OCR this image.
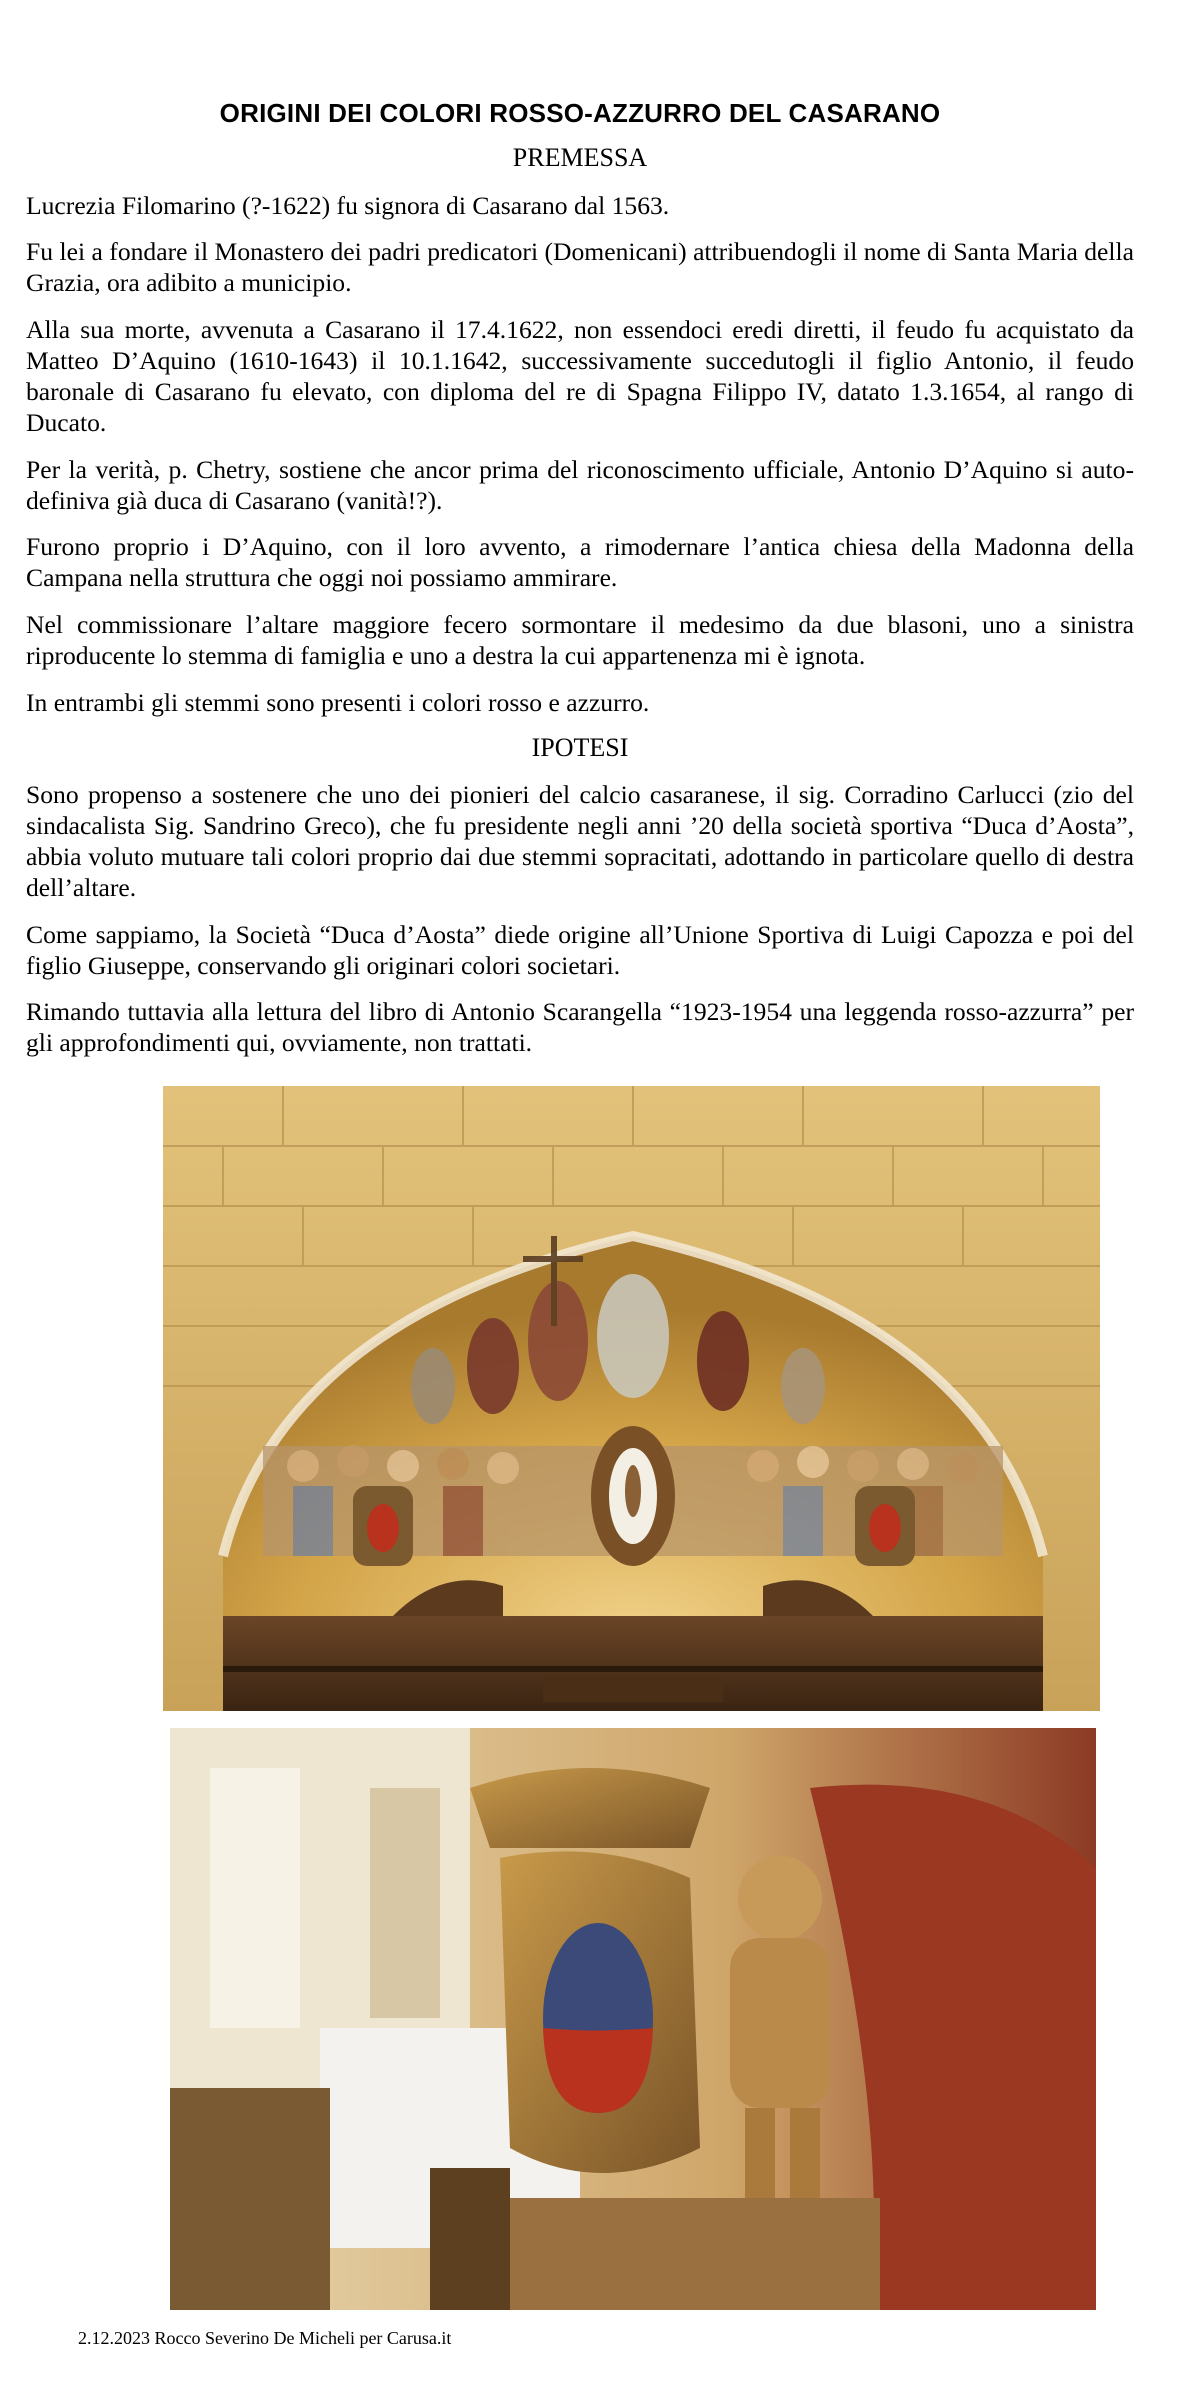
ORIGINI DEI COLORI ROSSO-AZZURRO DEL CASARANO
PREMESSA

Lucrezia Filomarino (?-1622) fu signora di Casarano dal 1563.

Fu lei a fondare il Monastero dei padri predicatori (Domenicani) attribuendogli il nome di Santa Maria della Grazia, ora adibito a municipio.

Alla sua morte, avvenuta a Casarano il 17.4.1622, non essendoci eredi diretti, il feudo fu acquistato da Matteo D’Aquino (1610-1643) il 10.1.1642, successivamente succedutogli il figlio Antonio, il feudo baronale di Casarano fu elevato, con diploma del re di Spagna Filippo IV, datato 1.3.1654, al rango di Ducato.

Per la verità, p. Chetry, sostiene che ancor prima del riconoscimento ufficiale, Antonio D’Aquino si auto-definiva già duca di Casarano (vanità!?).

Furono proprio i D’Aquino, con il loro avvento, a rimodernare l’antica chiesa della Madonna della Campana nella struttura che oggi noi possiamo ammirare.

Nel commissionare l’altare maggiore fecero sormontare il medesimo da due blasoni, uno a sinistra riproducente lo stemma di famiglia e uno a destra la cui appartenenza mi è ignota.

In entrambi gli stemmi sono presenti i colori rosso e azzurro.

IPOTESI

Sono propenso a sostenere che uno dei pionieri del calcio casaranese, il sig. Corradino Carlucci (zio del sindacalista Sig. Sandrino Greco), che fu presidente negli anni ’20 della società sportiva “Duca d’Aosta”, abbia voluto mutuare tali colori proprio dai due stemmi sopracitati, adottando in particolare quello di destra dell’altare.

Come sappiamo, la Società “Duca d’Aosta” diede origine all’Unione Sportiva di Luigi Capozza e poi del figlio Giuseppe, conservando gli originari colori societari.

Rimando tuttavia alla lettura del libro di Antonio Scarangella “1923-1954 una leggenda rosso-azzurra” per gli approfondimenti qui, ovviamente, non trattati.

2.12.2023 Rocco Severino De Micheli per Carusa.it
